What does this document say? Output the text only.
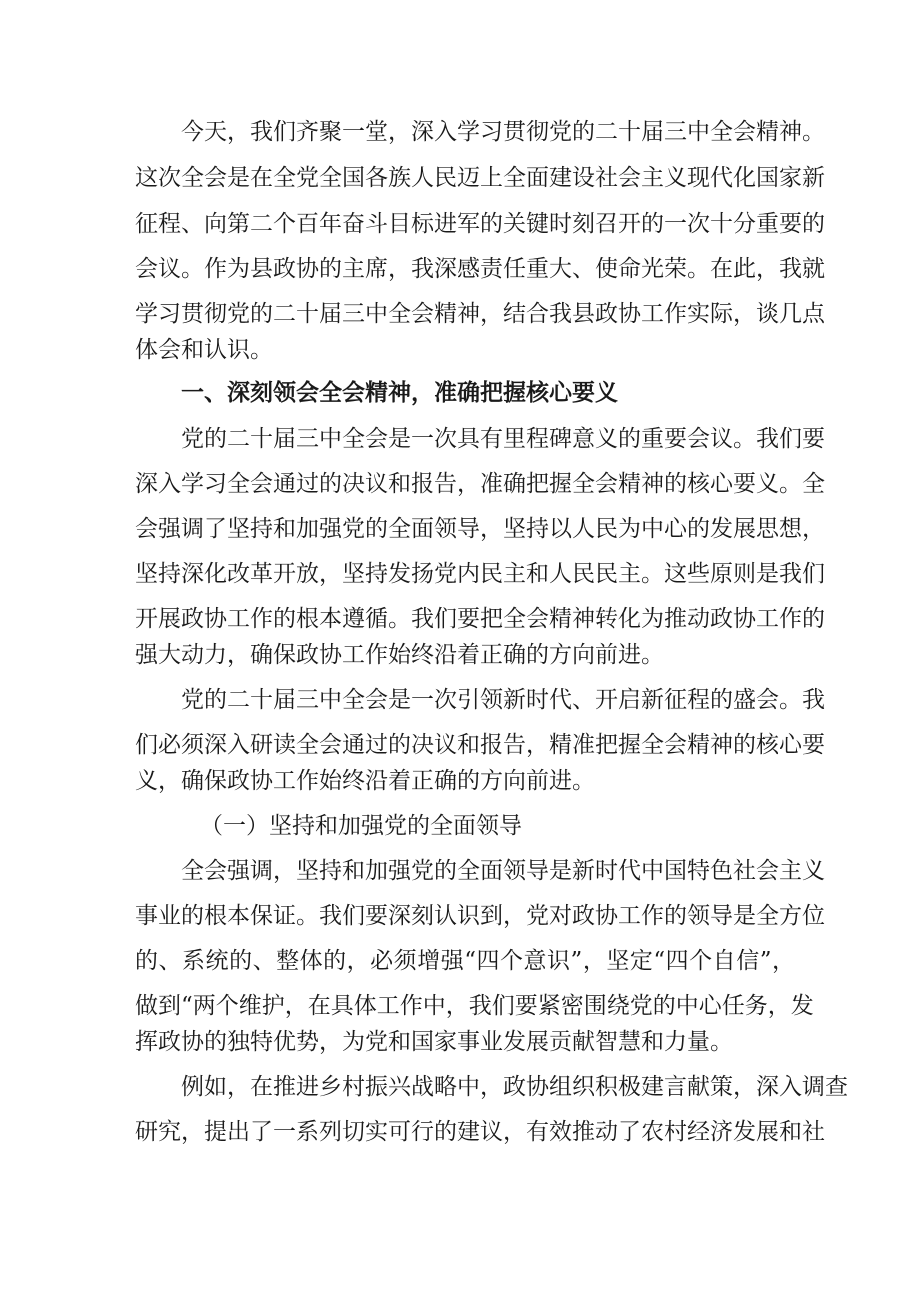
今天，我们齐聚一堂，深入学习贯彻党的二十届三中全会精神。
这次全会是在全党全国各族人民迈上全面建设社会主义现代化国家新
征程、向第二个百年奋斗目标进军的关键时刻召开的一次十分重要的
会议。作为县政协的主席，我深感责任重大、使命光荣。在此，我就
学习贯彻党的二十届三中全会精神，结合我县政协工作实际，谈几点
体会和认识。
一、深刻领会全会精神，准确把握核心要义
党的二十届三中全会是一次具有里程碑意义的重要会议。我们要
深入学习全会通过的决议和报告，准确把握全会精神的核心要义。全
会强调了坚持和加强党的全面领导，坚持以人民为中心的发展思想，
坚持深化改革开放，坚持发扬党内民主和人民民主。这些原则是我们
开展政协工作的根本遵循。我们要把全会精神转化为推动政协工作的
强大动力，确保政协工作始终沿着正确的方向前进。
党的二十届三中全会是一次引领新时代、开启新征程的盛会。我
们必须深入研读全会通过的决议和报告，精准把握全会精神的核心要
义，确保政协工作始终沿着正确的方向前进。
（一）坚持和加强党的全面领导
全会强调，坚持和加强党的全面领导是新时代中国特色社会主义
事业的根本保证。我们要深刻认识到，党对政协工作的领导是全方位
的、系统的、整体的，必须增强“四个意识”，坚定“四个自信”，
做到“两个维护，在具体工作中，我们要紧密围绕党的中心任务，发
挥政协的独特优势，为党和国家事业发展贡献智慧和力量。
例如，在推进乡村振兴战略中，政协组织积极建言献策，深入调查
研究，提出了一系列切实可行的建议，有效推动了农村经济发展和社
